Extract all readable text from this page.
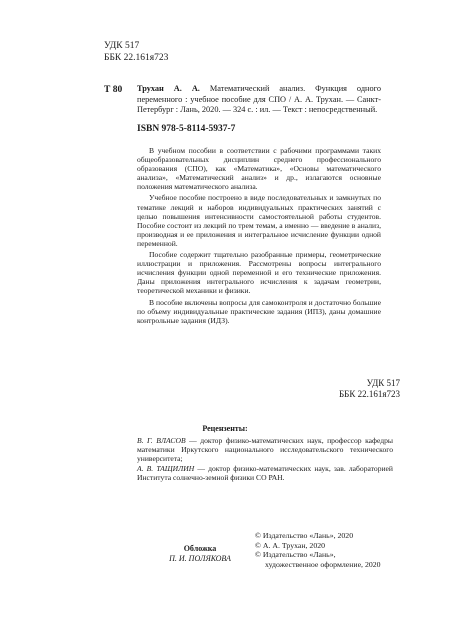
УДК 517
ББК 22.161я723
Т 80 Трухан А. А. Математический анализ. Функция одного переменного : учебное пособие для СПО / А. А. Трухан. — Санкт-Петербург : Лань, 2020. — 324 с. : ил. — Текст : непосредственный.
ISBN 978-5-8114-5937-7

В учебном пособии в соответствии с рабочими программами таких общеобразовательных дисциплин среднего профессионального образования (СПО), как «Математика», «Основы математического анализа», «Математический анализ» и др., излагаются основные положения математического анализа.

Учебное пособие построено в виде последовательных и замкнутых по тематике лекций и наборов индивидуальных практических занятий с целью повышения интенсивности самостоятельной работы студентов. Пособие состоит из лекций по трем темам, а именно — введение в анализ, производная и ее приложения и интегральное исчисление функции одной переменной.

Пособие содержит тщательно разобранные примеры, геометрические иллюстрации и приложения. Рассмотрены вопросы интегрального исчисления функции одной переменной и его технические приложения. Даны приложения интегрального исчисления к задачам геометрии, теоретической механики и физики.

В пособие включены вопросы для самоконтроля и достаточно большие по объему индивидуальные практические задания (ИПЗ), даны домашние контрольные задания (ИДЗ).

УДК 517
ББК 22.161я723
Рецензенты:

В. Г. ВЛАСОВ — доктор физико-математических наук, профессор кафедры математики Иркутского национального исследовательского технического университета;

А. В. ТАЩИЛИН — доктор физико-математических наук, зав. лабораторией Института солнечно-земной физики СО РАН.

Обложка
П. И. ПОЛЯКОВА
© Издательство «Лань», 2020
© А. А. Трухан, 2020
© Издательство «Лань»,
художественное оформление, 2020
